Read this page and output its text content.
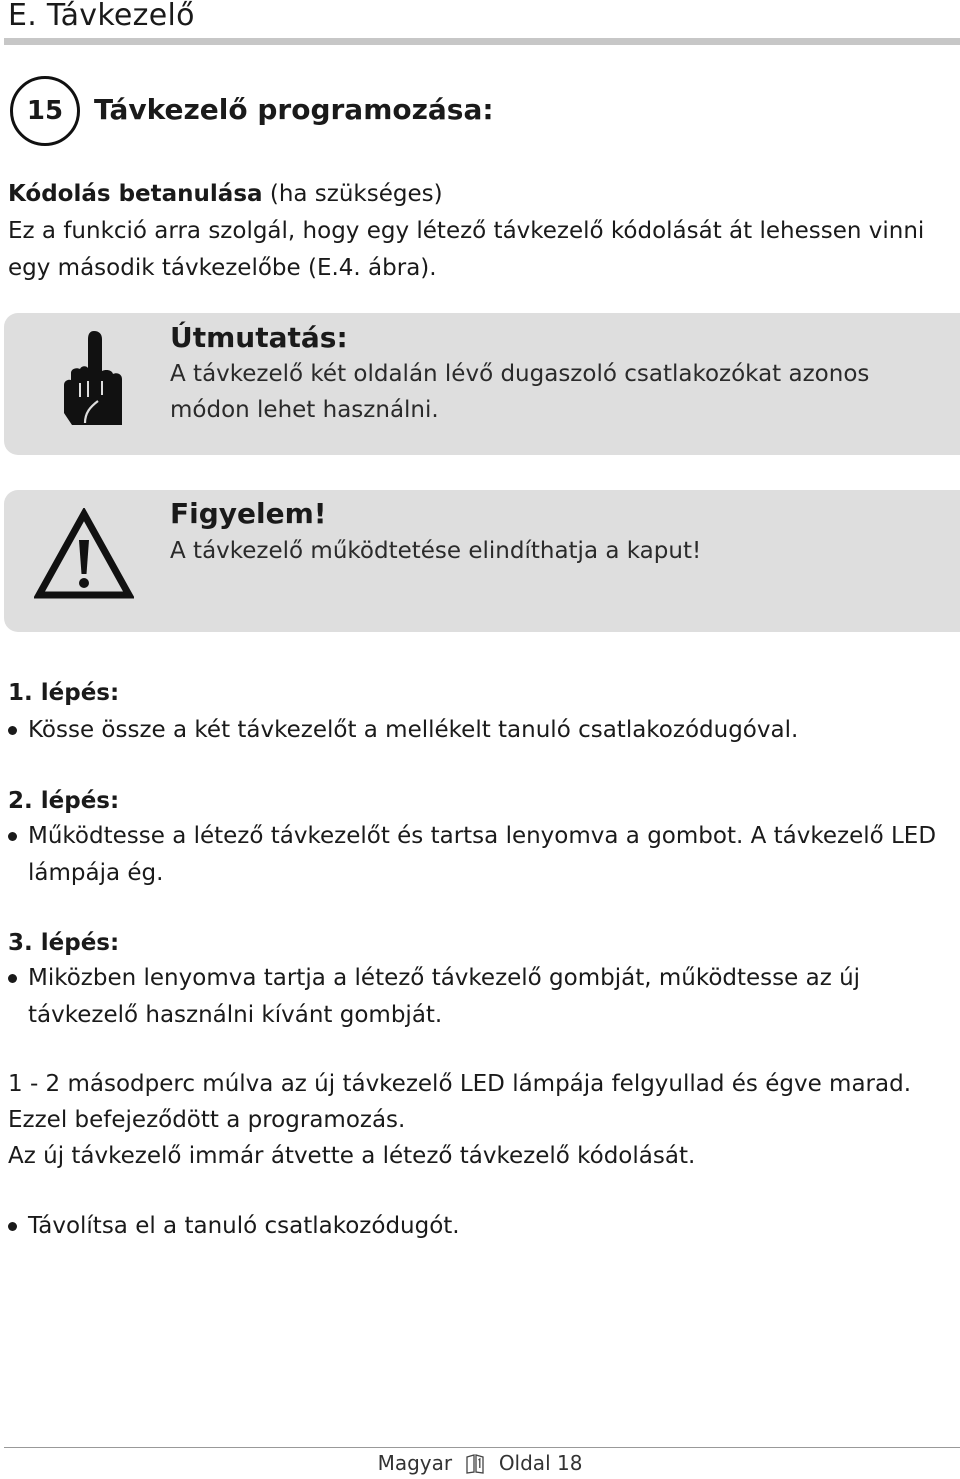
E. Távkezelő
15	Távkezelő programozása:

Kódolás betanulása (ha szükséges)

Ez a funkció arra szolgál, hogy egy létező távkezelő kódolását át lehessen vinni egy második távkezelőbe (E.4. ábra).

Útmutatás:
A távkezelő két oldalán lévő dugaszoló csatlakozókat azonos módon lehet használni.
Figyelem!
A távkezelő működtetése elindíthatja a kaput!
1. lépés:
Kösse össze a két távkezelőt a mellékelt tanuló csatlakozódugóval.
2. lépés:
Működtesse a létező távkezelőt és tartsa lenyomva a gombot. A távkezelő LED lámpája ég.
3. lépés:
Miközben lenyomva tartja a létező távkezelő gombját, működtesse az új távkezelő használni kívánt gombját.

1 - 2 másodperc múlva az új távkezelő LED lámpája felgyullad és égve marad.

Ezzel befejeződött a programozás.

Az új távkezelő immár átvette a létező távkezelő kódolását.

Távolítsa el a tanuló csatlakozódugót.
Magyar Oldal 18
